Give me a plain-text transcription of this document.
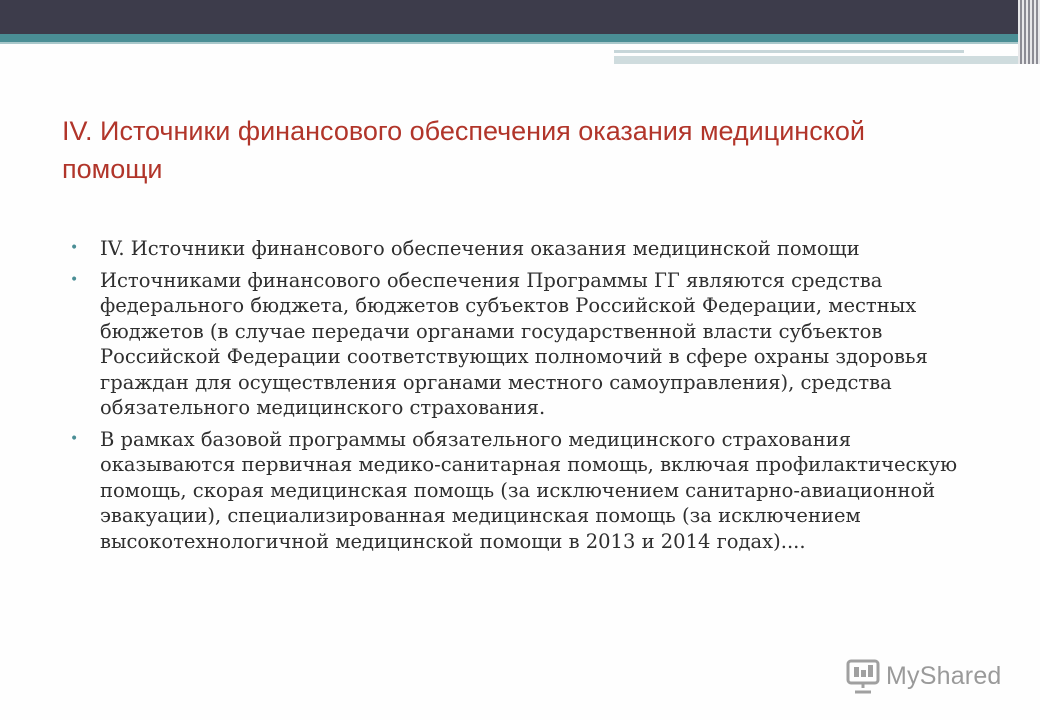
IV. Источники финансового обеспечения оказания медицинской помощи
• IV. Источники финансового обеспечения оказания медицинской помощи
• Источниками финансового обеспечения Программы ГГ являются средства федерального бюджета, бюджетов субъектов Российской Федерации, местных бюджетов (в случае передачи органами государственной власти субъектов Российской Федерации соответствующих полномочий в сфере охраны здоровья граждан для осуществления органами местного самоуправления), средства обязательного медицинского страхования.
• В рамках базовой программы обязательного медицинского страхования оказываются первичная медико-санитарная помощь, включая профилактическую помощь, скорая медицинская помощь (за исключением санитарно-авиационной эвакуации), специализированная медицинская помощь (за исключением высокотехнологичной медицинской помощи в 2013 и 2014 годах)....
MyShared
